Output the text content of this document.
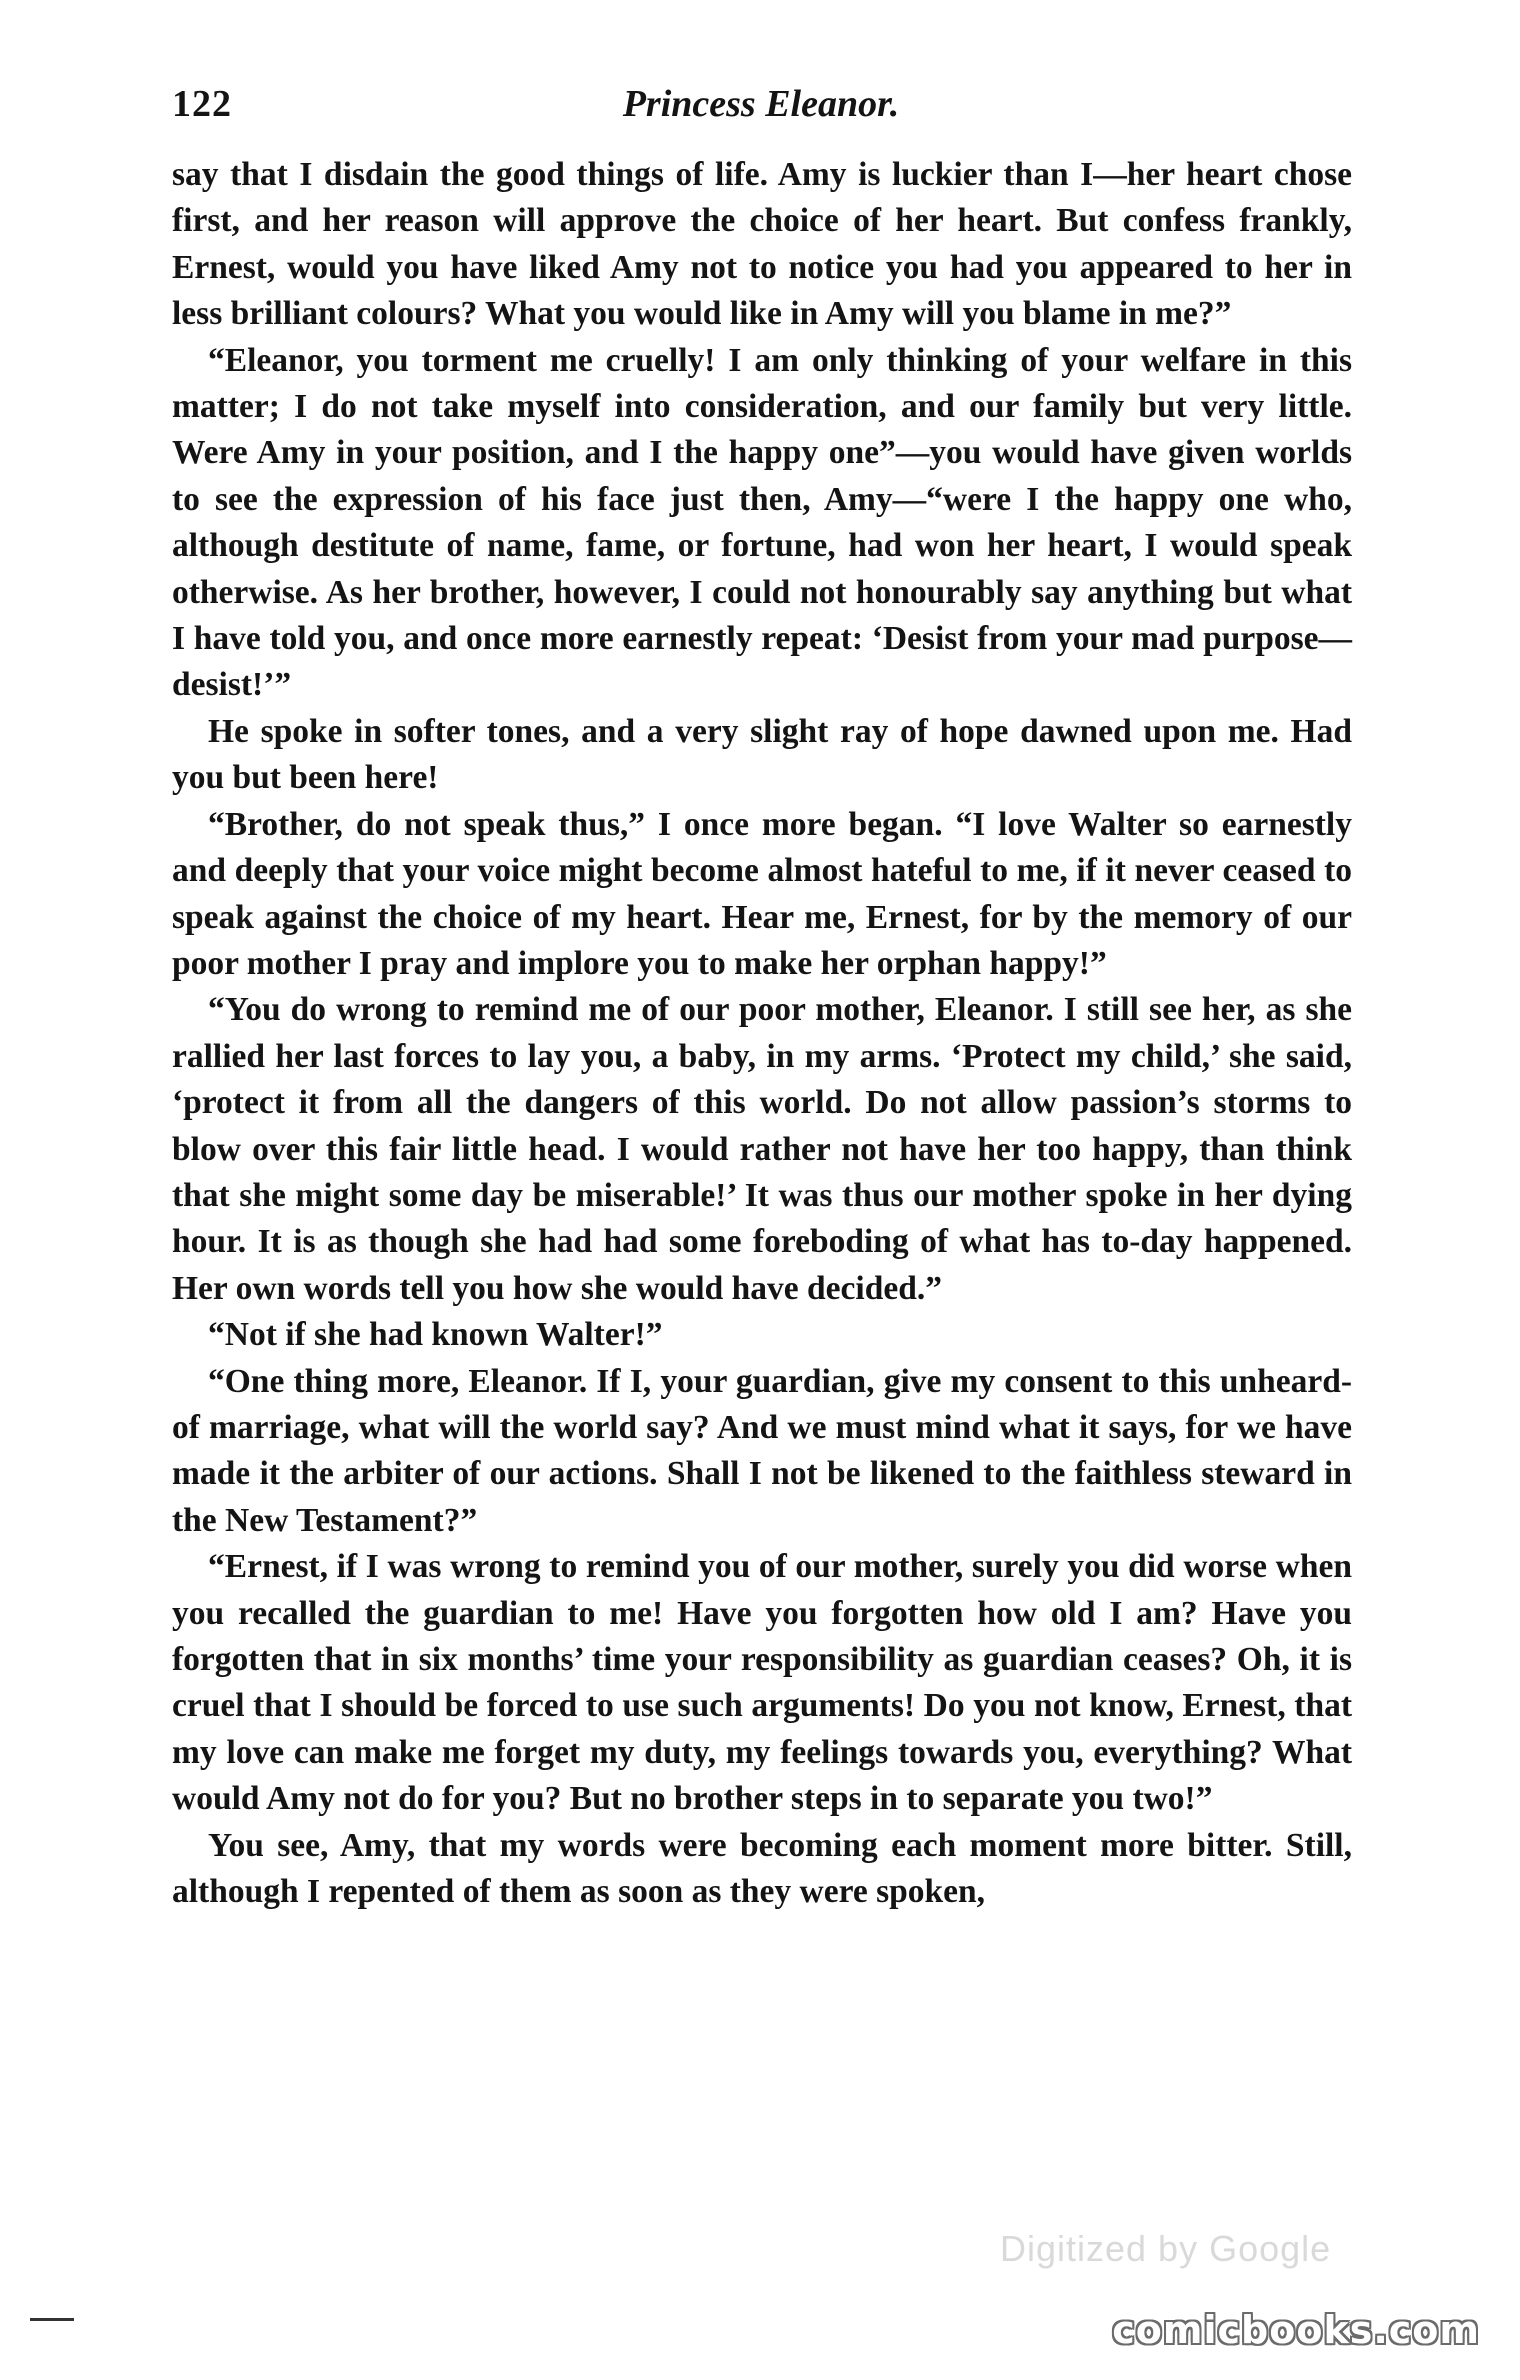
122	Princess Eleanor.

say that I disdain the good things of life. Amy is luckier than I—her heart chose first, and her reason will approve the choice of her heart. But confess frankly, Ernest, would you have liked Amy not to notice you had you appeared to her in less brilliant colours? What you would like in Amy will you blame in me?”

“Eleanor, you torment me cruelly! I am only thinking of your welfare in this matter; I do not take myself into consideration, and our family but very little. Were Amy in your position, and I the happy one”—you would have given worlds to see the expression of his face just then, Amy—“were I the happy one who, although destitute of name, fame, or fortune, had won her heart, I would speak otherwise. As her brother, however, I could not honourably say anything but what I have told you, and once more earnestly repeat: ‘Desist from your mad purpose—desist!’”

He spoke in softer tones, and a very slight ray of hope dawned upon me. Had you but been here!

“Brother, do not speak thus,” I once more began. “I love Walter so earnestly and deeply that your voice might become almost hateful to me, if it never ceased to speak against the choice of my heart. Hear me, Ernest, for by the memory of our poor mother I pray and implore you to make her orphan happy!”

“You do wrong to remind me of our poor mother, Eleanor. I still see her, as she rallied her last forces to lay you, a baby, in my arms. ‘Protect my child,’ she said, ‘protect it from all the dangers of this world. Do not allow passion’s storms to blow over this fair little head. I would rather not have her too happy, than think that she might some day be miserable!’ It was thus our mother spoke in her dying hour. It is as though she had had some foreboding of what has to-day happened. Her own words tell you how she would have decided.”

“Not if she had known Walter!”

“One thing more, Eleanor. If I, your guardian, give my consent to this unheard-of marriage, what will the world say? And we must mind what it says, for we have made it the arbiter of our actions. Shall I not be likened to the faithless steward in the New Testament?”

“Ernest, if I was wrong to remind you of our mother, surely you did worse when you recalled the guardian to me! Have you forgotten how old I am? Have you forgotten that in six months’ time your responsibility as guardian ceases? Oh, it is cruel that I should be forced to use such arguments! Do you not know, Ernest, that my love can make me forget my duty, my feelings towards you, everything? What would Amy not do for you? But no brother steps in to separate you two!”

You see, Amy, that my words were becoming each moment more bitter. Still, although I repented of them as soon as they were spoken,

Digitized by Google
comicbooks.com
